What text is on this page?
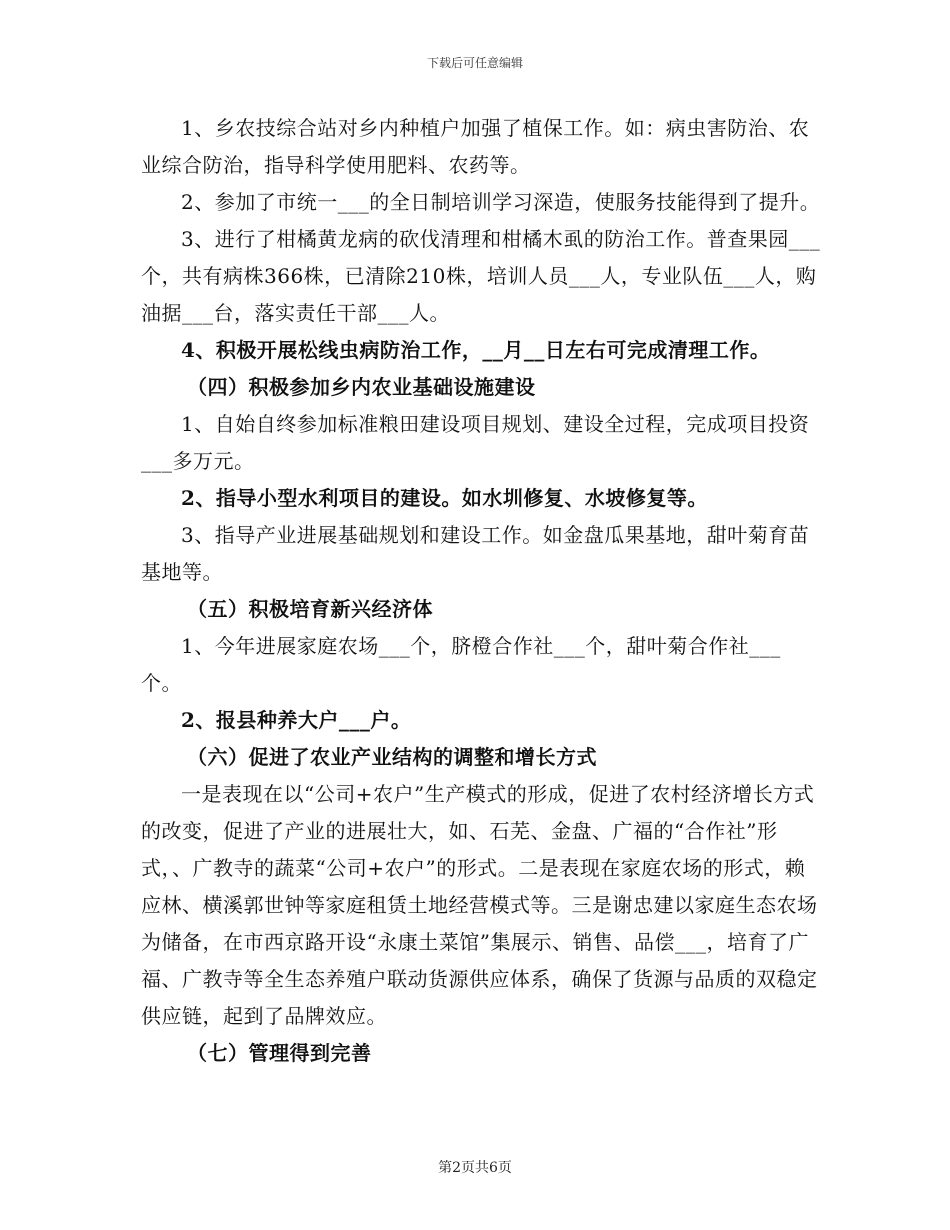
下载后可任意编辑

1、乡农技综合站对乡内种植户加强了植保工作。如：病虫害防治、农业综合防治，指导科学使用肥料、农药等。

2、参加了市统一___的全日制培训学习深造，使服务技能得到了提升。

3、进行了柑橘黄龙病的砍伐清理和柑橘木虱的防治工作。普查果园___个，共有病株366株，已清除210株，培训人员___人，专业队伍___人，购油据___台，落实责任干部___人。

4、积极开展松线虫病防治工作，__月__日左右可完成清理工作。

（四）积极参加乡内农业基础设施建设

1、自始自终参加标准粮田建设项目规划、建设全过程，完成项目投资___多万元。

2、指导小型水利项目的建设。如水圳修复、水坡修复等。

3、指导产业进展基础规划和建设工作。如金盘瓜果基地，甜叶菊育苗基地等。

（五）积极培育新兴经济体

1、今年进展家庭农场___个，脐橙合作社___个，甜叶菊合作社___个。

2、报县种养大户___户。

（六）促进了农业产业结构的调整和增长方式

一是表现在以“公司+农户”生产模式的形成，促进了农村经济增长方式的改变，促进了产业的进展壮大，如、石芜、金盘、广福的“合作社”形式，、广教寺的蔬菜“公司+农户”的形式。二是表现在家庭农场的形式，赖应林、横溪郭世钟等家庭租赁土地经营模式等。三是谢忠建以家庭生态农场为储备，在市西京路开设“永康土菜馆”集展示、销售、品偿___，培育了广福、广教寺等全生态养殖户联动货源供应体系，确保了货源与品质的双稳定供应链，起到了品牌效应。

（七）管理得到完善

第2页共6页
